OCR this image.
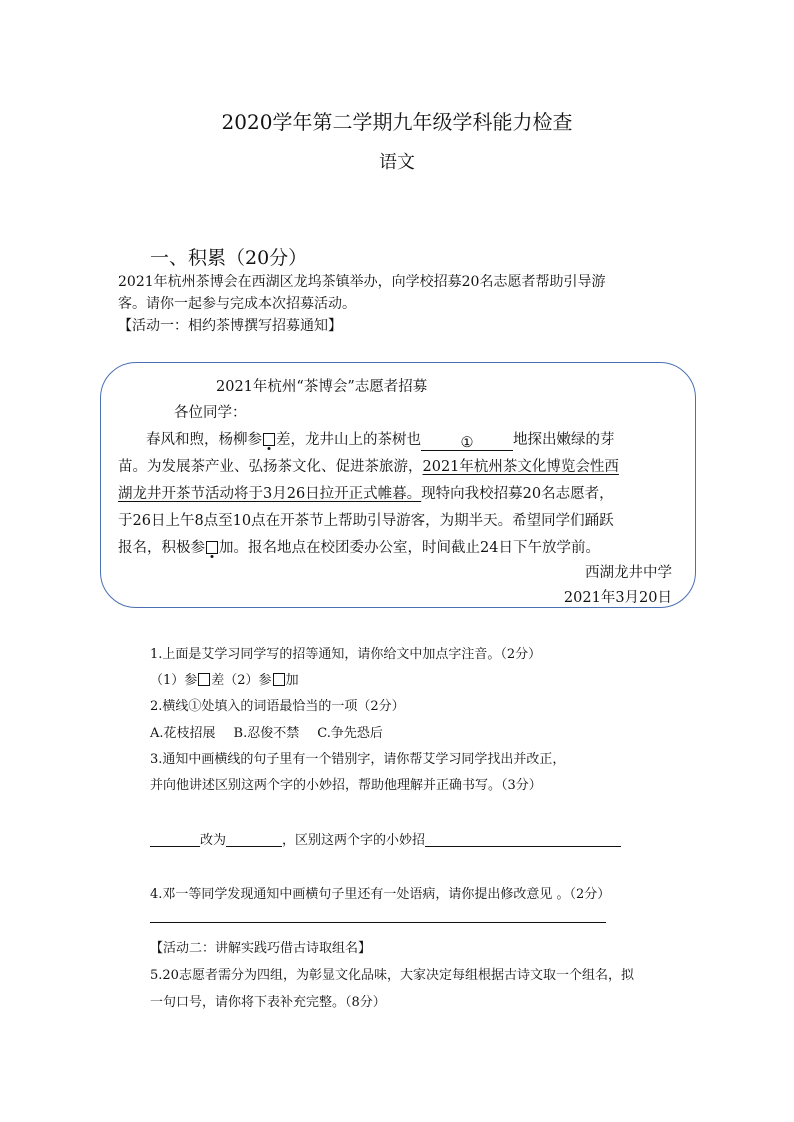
2020学年第二学期九年级学科能力检查
语文
一、积累（20分）
2021年杭州茶博会在西湖区龙坞茶镇举办，向学校招募20名志愿者帮助引导游
客。请你一起参与完成本次招募活动。
【活动一：相约茶博撰写招募通知】
2021年杭州“茶博会”志愿者招募
各位同学：
春风和煦，杨柳参 差，龙井山上的茶树也	①	地探出嫩绿的芽
苗。为发展茶产业、弘扬茶文化、促进茶旅游，2021年杭州茶文化博览会性西
湖龙井开茶节活动将于3月26日拉开正式帷暮。现特向我校招募20名志愿者，
于26日上午8点至10点在开茶节上帮助引导游客，为期半天。希望同学们踊跃
报名，积极参 加。报名地点在校团委办公室，时间截止24日下午放学前。
西湖龙井中学
2021年3月20日
1.上面是艾学习同学写的招等通知，请你给文中加点字注音。（2分）
（1）参 差（2）参 加
2.横线①处填入的词语最恰当的一项（2分）
A.花枝招展 B.忍俊不禁 C.争先恐后
3.通知中画横线的句子里有一个错别字，请你帮艾学习同学找出并改正，
并向他讲述区别这两个字的小妙招，帮助他理解并正确书写。（3分）
改为	，区别这两个字的小妙招
4.邓一等同学发现通知中画横句子里还有一处语病，请你提出修改意见 。（2分）
【活动二：讲解实践巧借古诗取组名】
5.20志愿者需分为四组，为彰显文化品味，大家决定每组根据古诗文取一个组名，拟
一句口号，请你将下表补充完整。（8分）
